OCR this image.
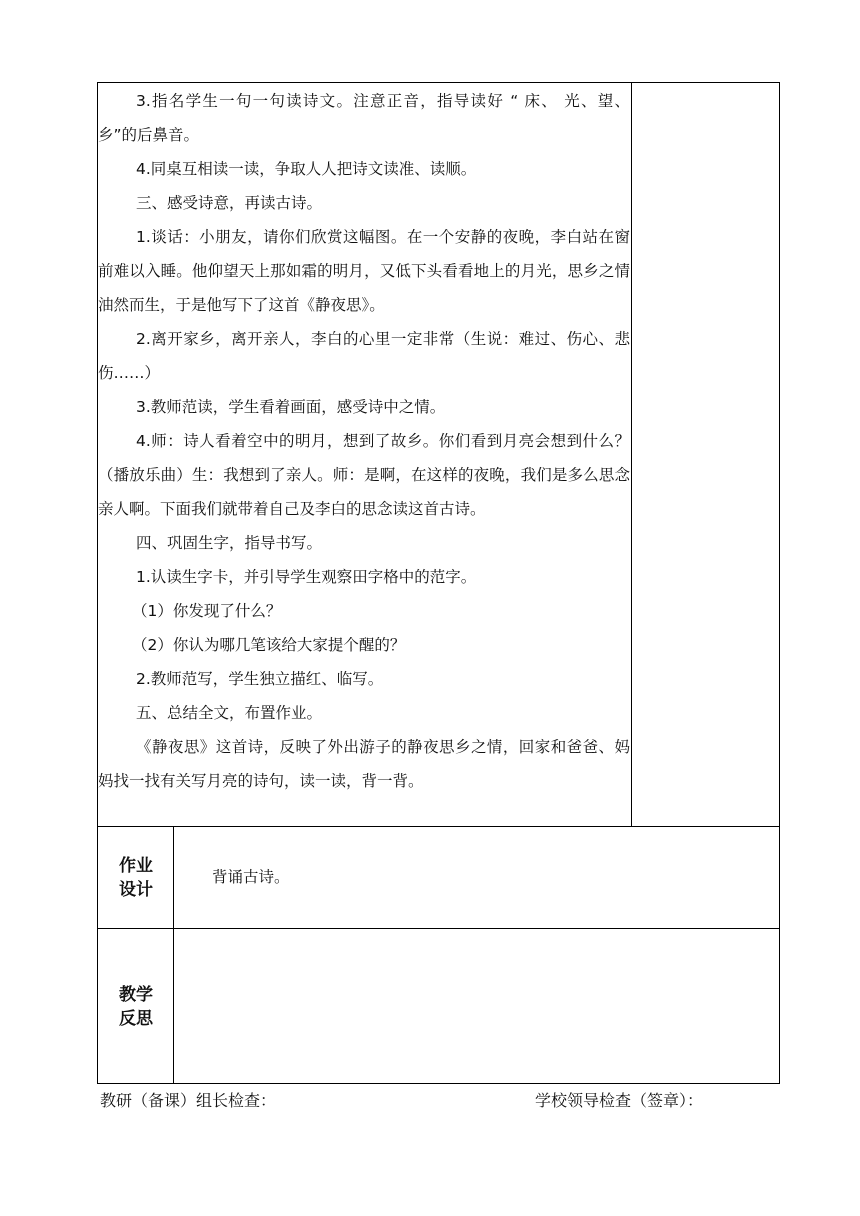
3.指名学生一句一句读诗文。注意正音，指导读好 “ 床、 光、望、乡”的后鼻音。

4.同桌互相读一读，争取人人把诗文读准、读顺。

三、感受诗意，再读古诗。

1.谈话：小朋友，请你们欣赏这幅图。在一个安静的夜晚，李白站在窗前难以入睡。他仰望天上那如霜的明月，又低下头看看地上的月光，思乡之情油然而生，于是他写下了这首《静夜思》。

2.离开家乡，离开亲人，李白的心里一定非常（生说：难过、伤心、悲伤……）

3.教师范读，学生看着画面，感受诗中之情。

4.师：诗人看着空中的明月，想到了故乡。你们看到月亮会想到什么？（播放乐曲）生：我想到了亲人。师：是啊，在这样的夜晚，我们是多么思念亲人啊。下面我们就带着自己及李白的思念读这首古诗。

四、巩固生字，指导书写。

1.认读生字卡，并引导学生观察田字格中的范字。

（1）你发现了什么？

（2）你认为哪几笔该给大家提个醒的？

2.教师范写，学生独立描红、临写。

五、总结全文，布置作业。

《静夜思》这首诗，反映了外出游子的静夜思乡之情，回家和爸爸、妈妈找一找有关写月亮的诗句，读一读，背一背。

作业
设计
背诵古诗。
教学
反思
教研（备课）组长检查：	学校领导检查（签章）：
